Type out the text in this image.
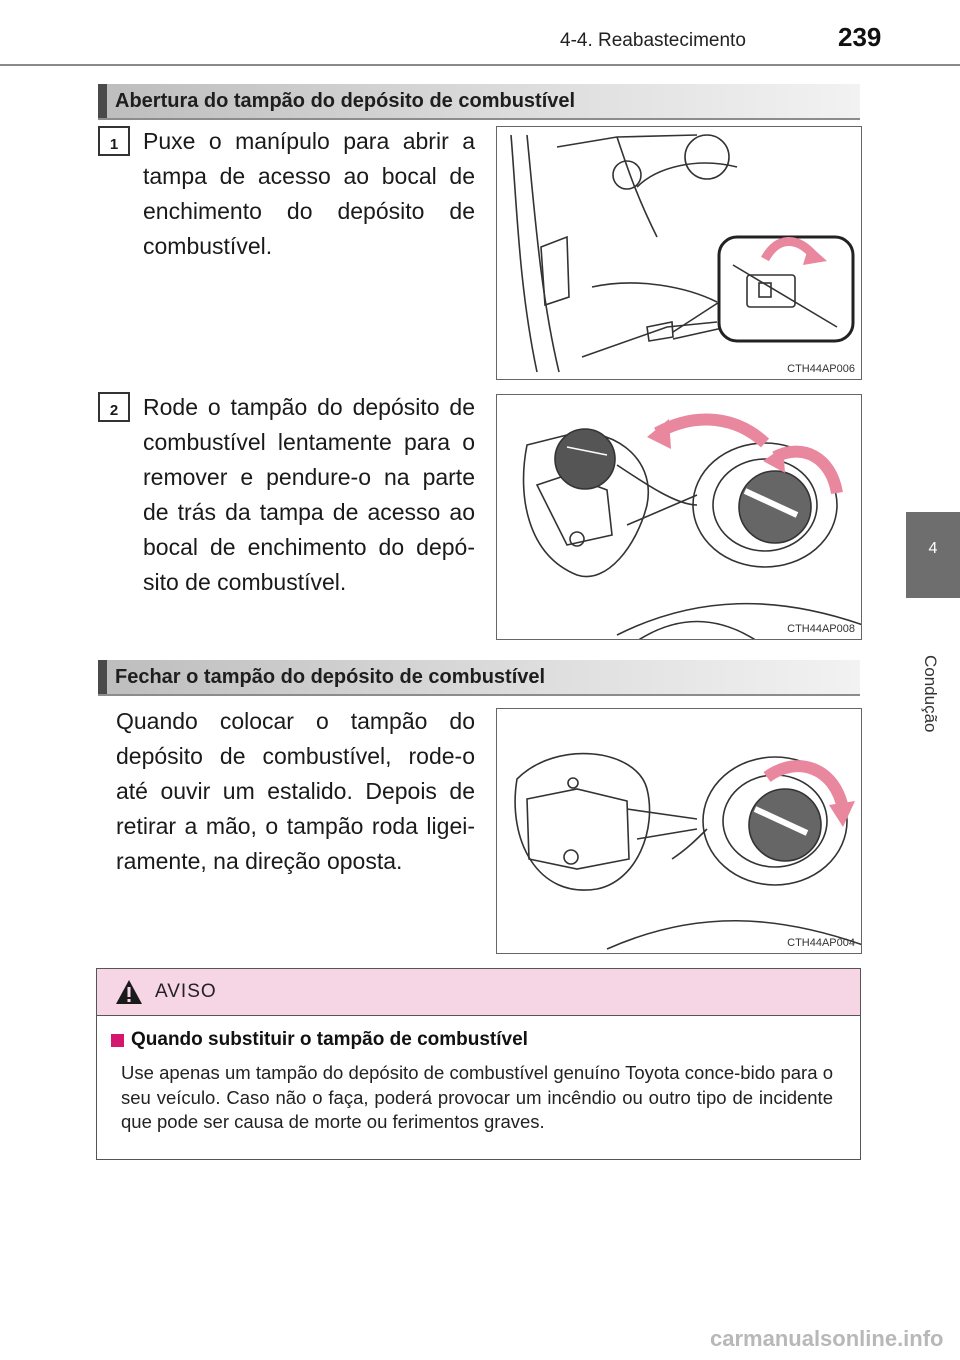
4-4. Reabastecimento	239
4
Condução
Abertura do tampão do depósito de combustível
1	Puxe o manípulo para abrir a tampa de acesso ao bocal de enchimento do depósito de combustível.
CTH44AP006
2	Rode o tampão do depósito de combustível lentamente para o remover e pendure-o na parte de trás da tampa de acesso ao bocal de enchimento do depó-sito de combustível.
CTH44AP008
Fechar o tampão do depósito de combustível
Quando colocar o tampão do depósito de combustível, rode-o até ouvir um estalido. Depois de retirar a mão, o tampão roda ligei-ramente, na direção oposta.
CTH44AP004
AVISO
Quando substituir o tampão de combustível
Use apenas um tampão do depósito de combustível genuíno Toyota conce-bido para o seu veículo. Caso não o faça, poderá provocar um incêndio ou outro tipo de incidente que pode ser causa de morte ou ferimentos graves.
carmanualsonline.info
